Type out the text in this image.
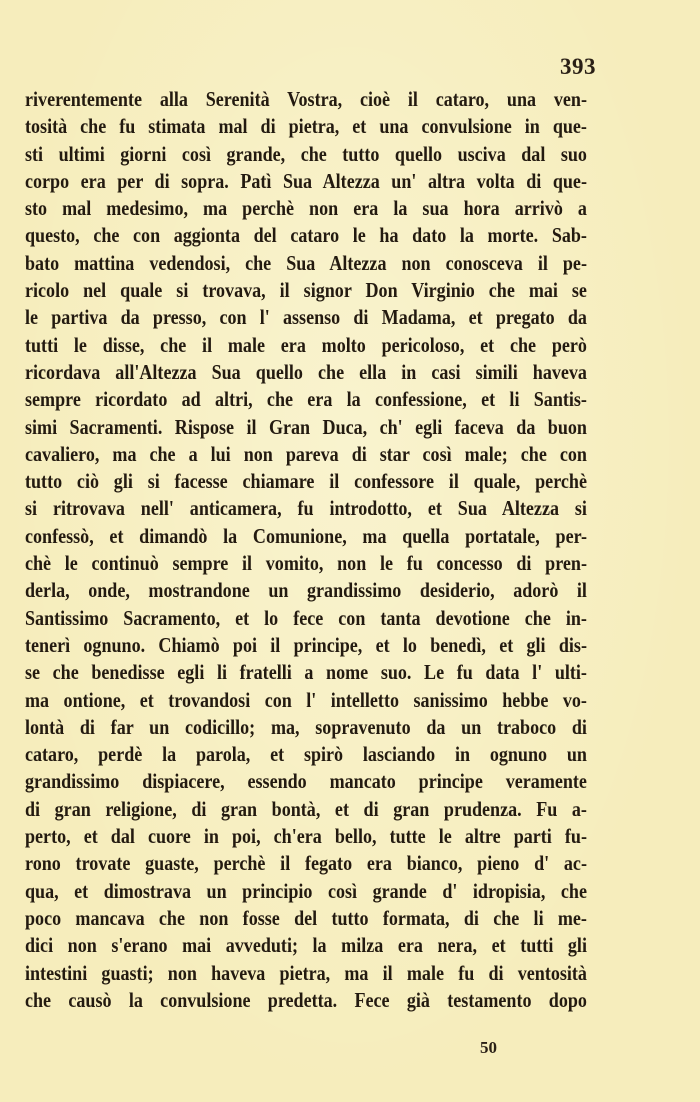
393
riverentemente alla Serenità Vostra, cioè il cataro, una ven-
tosità che fu stimata mal di pietra, et una convulsione in que-
sti ultimi giorni così grande, che tutto quello usciva dal suo
corpo era per di sopra. Patì Sua Altezza un' altra volta di que-
sto mal medesimo, ma perchè non era la sua hora arrivò a
questo, che con aggionta del cataro le ha dato la morte. Sab-
bato mattina vedendosi, che Sua Altezza non conosceva il pe-
ricolo nel quale si trovava, il signor Don Virginio che mai se
le partiva da presso, con l' assenso di Madama, et pregato da
tutti le disse, che il male era molto pericoloso, et che però
ricordava all'Altezza Sua quello che ella in casi simili haveva
sempre ricordato ad altri, che era la confessione, et li Santis-
simi Sacramenti. Rispose il Gran Duca, ch' egli faceva da buon
cavaliero, ma che a lui non pareva di star così male; che con
tutto ciò gli si facesse chiamare il confessore il quale, perchè
si ritrovava nell' anticamera, fu introdotto, et Sua Altezza si
confessò, et dimandò la Comunione, ma quella portatale, per-
chè le continuò sempre il vomito, non le fu concesso di pren-
derla, onde, mostrandone un grandissimo desiderio, adorò il
Santissimo Sacramento, et lo fece con tanta devotione che in-
tenerì ognuno. Chiamò poi il principe, et lo benedì, et gli dis-
se che benedisse egli li fratelli a nome suo. Le fu data l' ulti-
ma ontione, et trovandosi con l' intelletto sanissimo hebbe vo-
lontà di far un codicillo; ma, sopravenuto da un traboco di
cataro, perdè la parola, et spirò lasciando in ognuno un
grandissimo dispiacere, essendo mancato principe veramente
di gran religione, di gran bontà, et di gran prudenza. Fu a-
perto, et dal cuore in poi, ch'era bello, tutte le altre parti fu-
rono trovate guaste, perchè il fegato era bianco, pieno d' ac-
qua, et dimostrava un principio così grande d' idropisia, che
poco mancava che non fosse del tutto formata, di che li me-
dici non s'erano mai avveduti; la milza era nera, et tutti gli
intestini guasti; non haveva pietra, ma il male fu di ventosità
che causò la convulsione predetta. Fece già testamento dopo
50
